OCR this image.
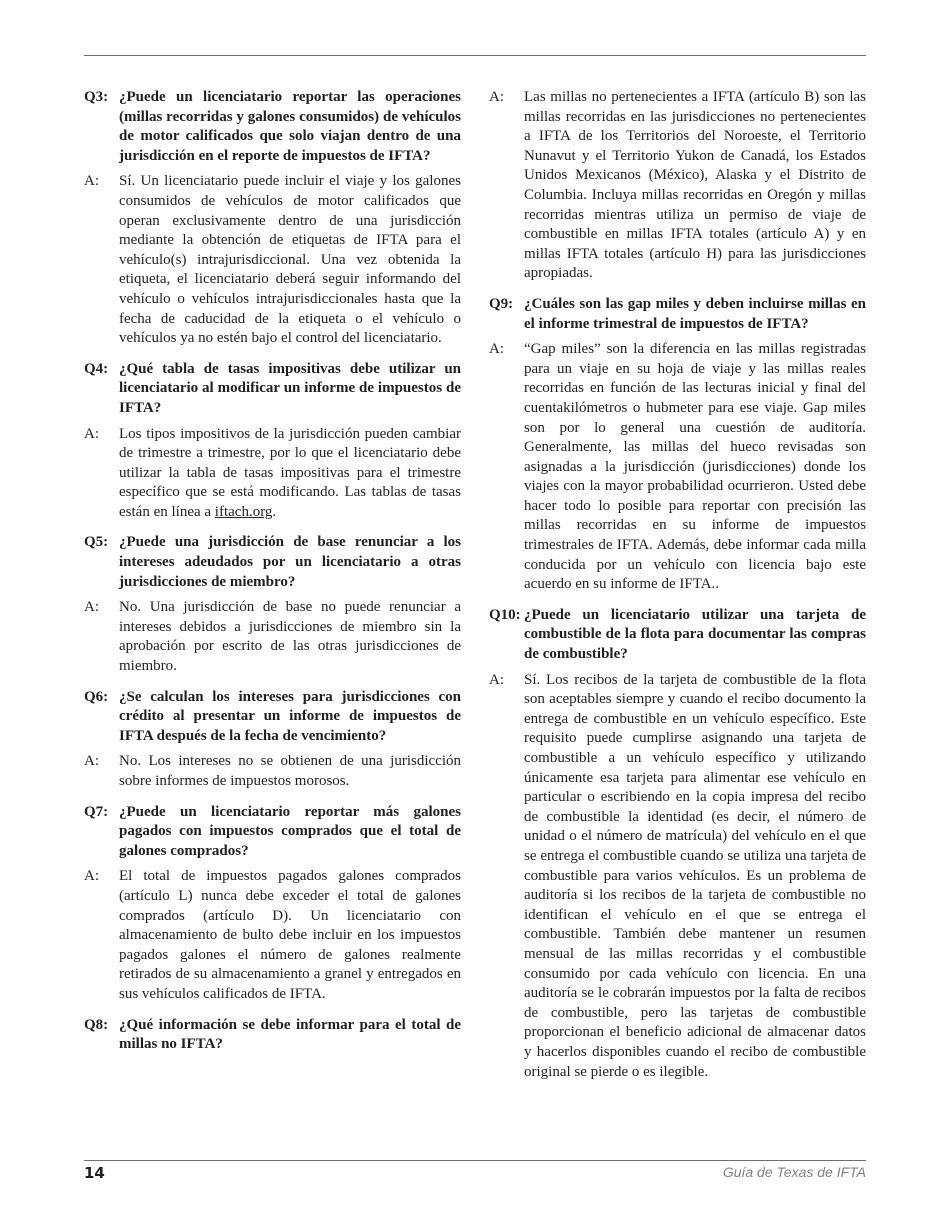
Q3: ¿Puede un licenciatario reportar las operaciones (millas recorridas y galones consumidos) de vehículos de motor calificados que solo viajan dentro de una jurisdicción en el reporte de impuestos de IFTA?
A: Sí. Un licenciatario puede incluir el viaje y los galones consumidos de vehículos de motor calificados que operan exclusivamente dentro de una jurisdicción mediante la obtención de etiquetas de IFTA para el vehículo(s) intrajurisdiccional. Una vez obtenida la etiqueta, el licenciatario deberá seguir informando del vehículo o vehículos intrajurisdiccionales hasta que la fecha de caducidad de la etiqueta o el vehículo o vehículos ya no estén bajo el control del licenciatario.
Q4: ¿Qué tabla de tasas impositivas debe utilizar un licenciatario al modificar un informe de impuestos de IFTA?
A: Los tipos impositivos de la jurisdicción pueden cambiar de trimestre a trimestre, por lo que el licenciatario debe utilizar la tabla de tasas impositivas para el trimestre específico que se está modificando. Las tablas de tasas están en línea a iftach.org.
Q5: ¿Puede una jurisdicción de base renunciar a los intereses adeudados por un licenciatario a otras jurisdicciones de miembro?
A: No. Una jurisdicción de base no puede renunciar a intereses debidos a jurisdicciones de miembro sin la aprobación por escrito de las otras jurisdicciones de miembro.
Q6: ¿Se calculan los intereses para jurisdicciones con crédito al presentar un informe de impuestos de IFTA después de la fecha de vencimiento?
A: No. Los intereses no se obtienen de una jurisdicción sobre informes de impuestos morosos.
Q7: ¿Puede un licenciatario reportar más galones pagados con impuestos comprados que el total de galones comprados?
A: El total de impuestos pagados galones comprados (artículo L) nunca debe exceder el total de galones comprados (artículo D). Un licenciatario con almacenamiento de bulto debe incluir en los impuestos pagados galones el número de galones realmente retirados de su almacenamiento a granel y entregados en sus vehículos calificados de IFTA.
Q8: ¿Qué información se debe informar para el total de millas no IFTA?
A: Las millas no pertenecientes a IFTA (artículo B) son las millas recorridas en las jurisdicciones no pertenecientes a IFTA de los Territorios del Noroeste, el Territorio Nunavut y el Territorio Yukon de Canadá, los Estados Unidos Mexicanos (México), Alaska y el Distrito de Columbia. Incluya millas recorridas en Oregón y millas recorridas mientras utiliza un permiso de viaje de combustible en millas IFTA totales (artículo A) y en millas IFTA totales (artículo H) para las jurisdicciones apropiadas.
Q9: ¿Cuáles son las gap miles y deben incluirse millas en el informe trimestral de impuestos de IFTA?
A: “Gap miles” son la diferencia en las millas registradas para un viaje en su hoja de viaje y las millas reales recorridas en función de las lecturas inicial y final del cuentakilómetros o hubmeter para ese viaje. Gap miles son por lo general una cuestión de auditoría. Generalmente, las millas del hueco revisadas son asignadas a la jurisdicción (jurisdicciones) donde los viajes con la mayor probabilidad ocurrieron. Usted debe hacer todo lo posible para reportar con precisión las millas recorridas en su informe de impuestos trimestrales de IFTA. Además, debe informar cada milla conducida por un vehículo con licencia bajo este acuerdo en su informe de IFTA..
Q10: ¿Puede un licenciatario utilizar una tarjeta de combustible de la flota para documentar las compras de combustible?
A: Sí. Los recibos de la tarjeta de combustible de la flota son aceptables siempre y cuando el recibo documento la entrega de combustible en un vehículo específico. Este requisito puede cumplirse asignando una tarjeta de combustible a un vehículo específico y utilizando únicamente esa tarjeta para alimentar ese vehículo en particular o escribiendo en la copia impresa del recibo de combustible la identidad (es decir, el número de unidad o el número de matrícula) del vehículo en el que se entrega el combustible cuando se utiliza una tarjeta de combustible para varios vehículos. Es un problema de auditoría si los recibos de la tarjeta de combustible no identifican el vehículo en el que se entrega el combustible. También debe mantener un resumen mensual de las millas recorridas y el combustible consumido por cada vehículo con licencia. En una auditoría se le cobrarán impuestos por la falta de recibos de combustible, pero las tarjetas de combustible proporcionan el beneficio adicional de almacenar datos y hacerlos disponibles cuando el recibo de combustible original se pierde o es ilegible.
14	Guía de Texas de IFTA
